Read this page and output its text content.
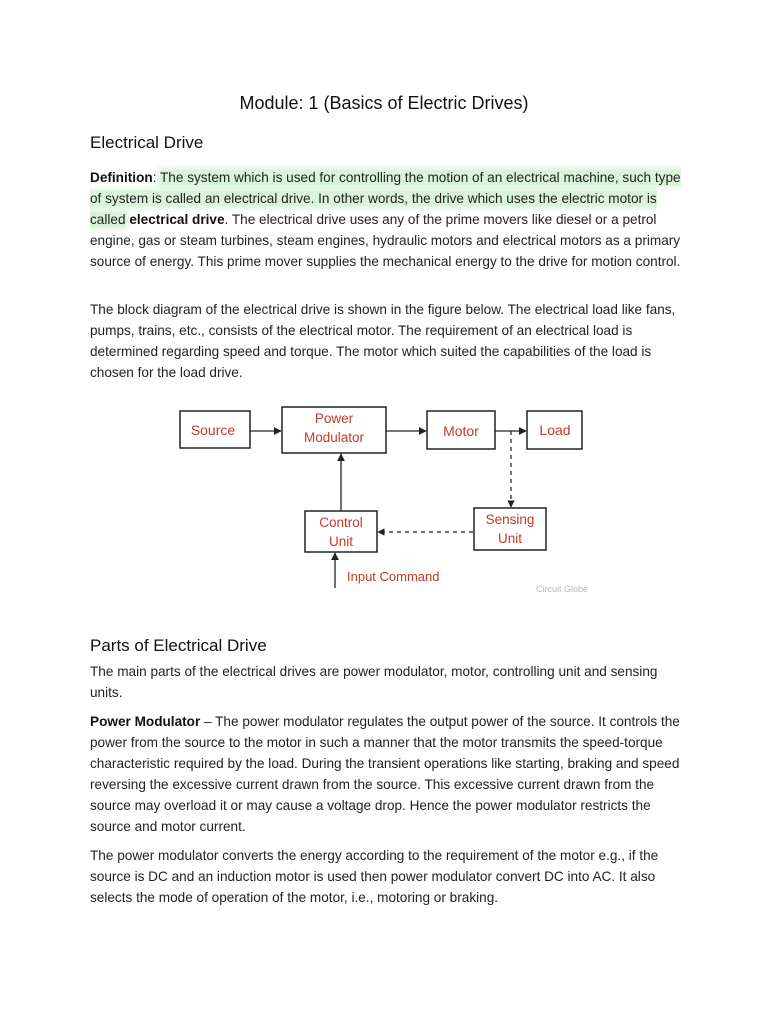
Module: 1 (Basics of Electric Drives)
Electrical Drive

Definition: The system which is used for controlling the motion of an electrical machine, such type of system is called an electrical drive. In other words, the drive which uses the electric motor is called electrical drive. The electrical drive uses any of the prime movers like diesel or a petrol engine, gas or steam turbines, steam engines, hydraulic motors and electrical motors as a primary source of energy. This prime mover supplies the mechanical energy to the drive for motion control.

The block diagram of the electrical drive is shown in the figure below. The electrical load like fans, pumps, trains, etc., consists of the electrical motor. The requirement of an electrical load is determined regarding speed and torque. The motor which suited the capabilities of the load is chosen for the load drive.

Source
Power
Modulator	Motor	Load
Control
Unit
Sensing
Unit
Input Command
Circuit Globe
Parts of Electrical Drive

The main parts of the electrical drives are power modulator, motor, controlling unit and sensing units.

Power Modulator – The power modulator regulates the output power of the source. It controls the power from the source to the motor in such a manner that the motor transmits the speed-torque characteristic required by the load. During the transient operations like starting, braking and speed reversing the excessive current drawn from the source. This excessive current drawn from the source may overload it or may cause a voltage drop. Hence the power modulator restricts the source and motor current.

The power modulator converts the energy according to the requirement of the motor e.g., if the source is DC and an induction motor is used then power modulator convert DC into AC. It also selects the mode of operation of the motor, i.e., motoring or braking.
